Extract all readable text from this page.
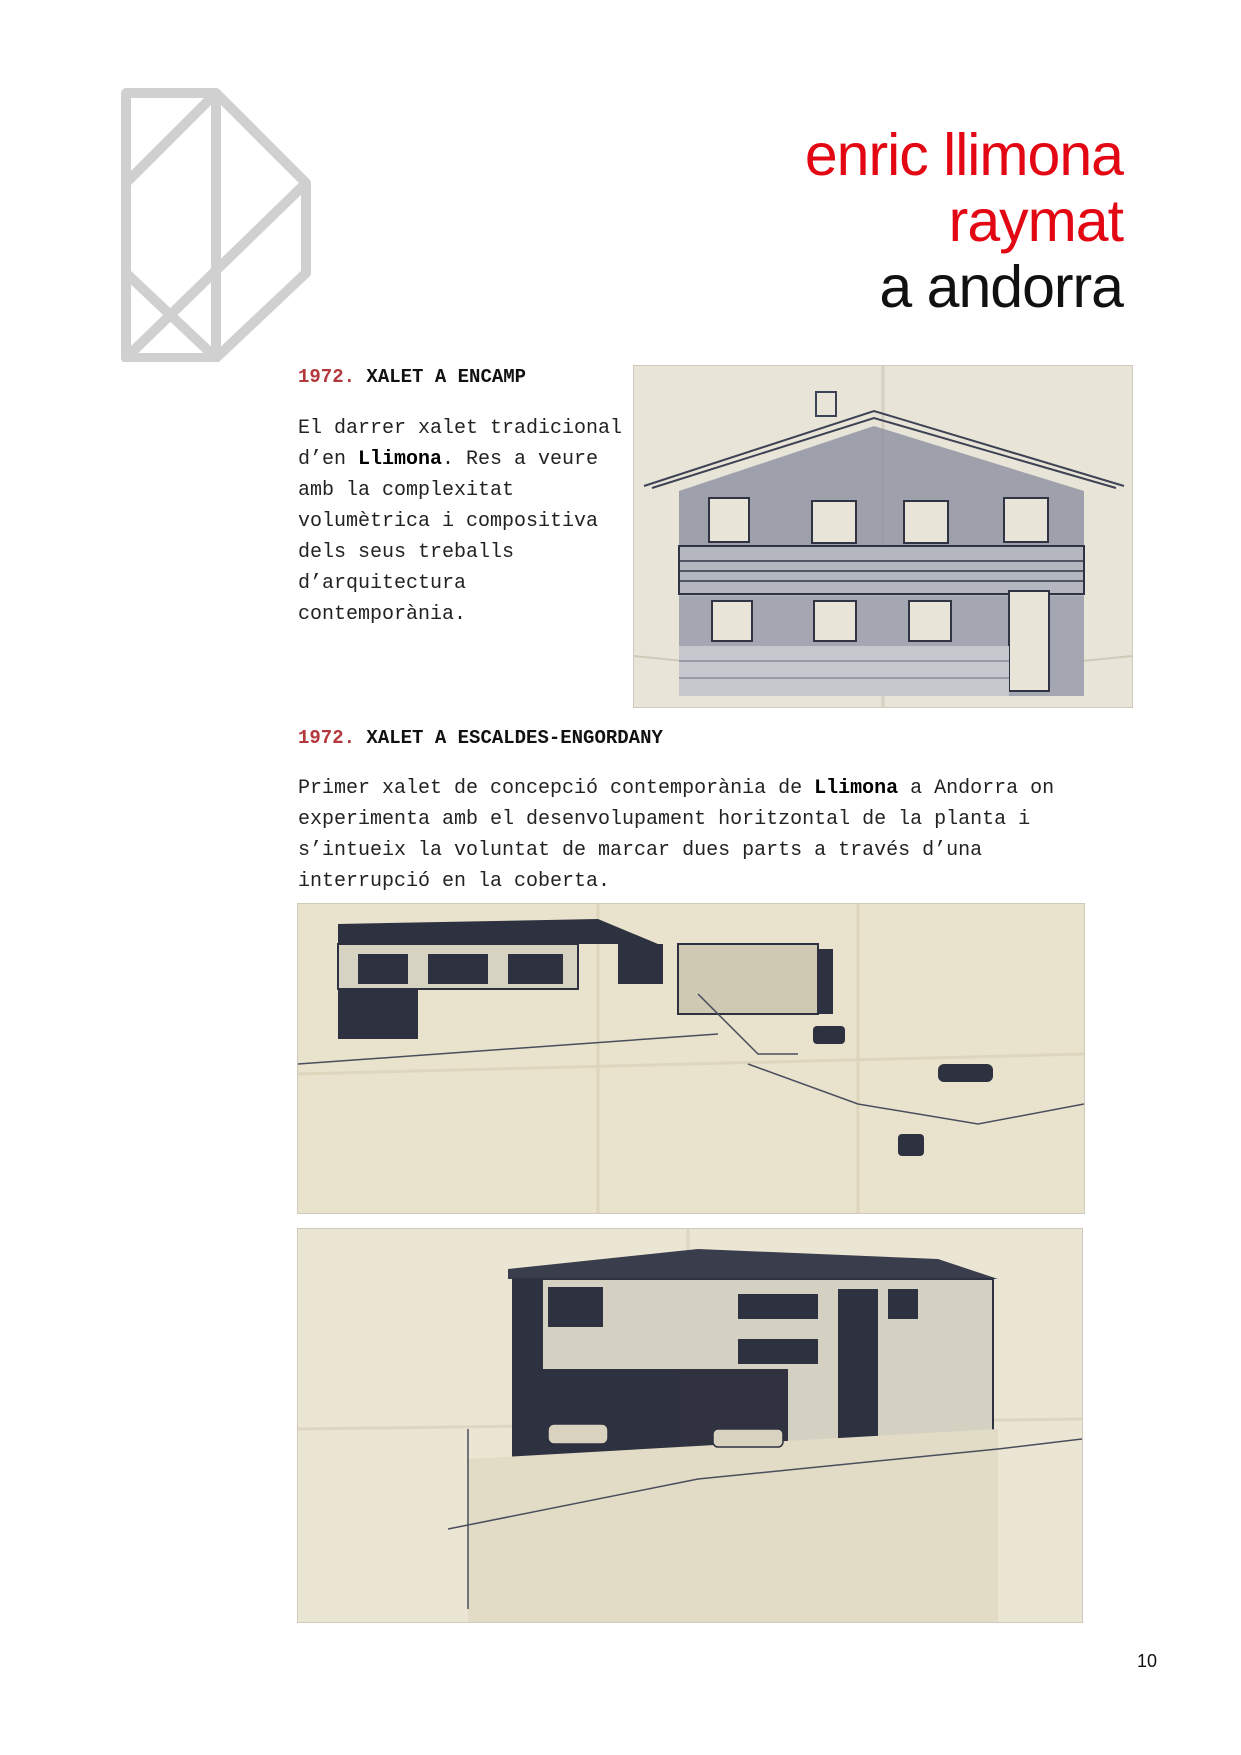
enric llimona
raymat
a andorra
1972. XALET A ENCAMP
El darrer xalet tradicional d’en Llimona. Res a veure amb la complexitat volumètrica i compositiva dels seus treballs d’arquitectura contemporània.
1972. XALET A ESCALDES-ENGORDANY
Primer xalet de concepció contemporània de Llimona a Andorra on experimenta amb el desenvolupament horitzontal de la planta i s’intueix la voluntat de marcar dues parts a través d’una interrupció en la coberta.
10
